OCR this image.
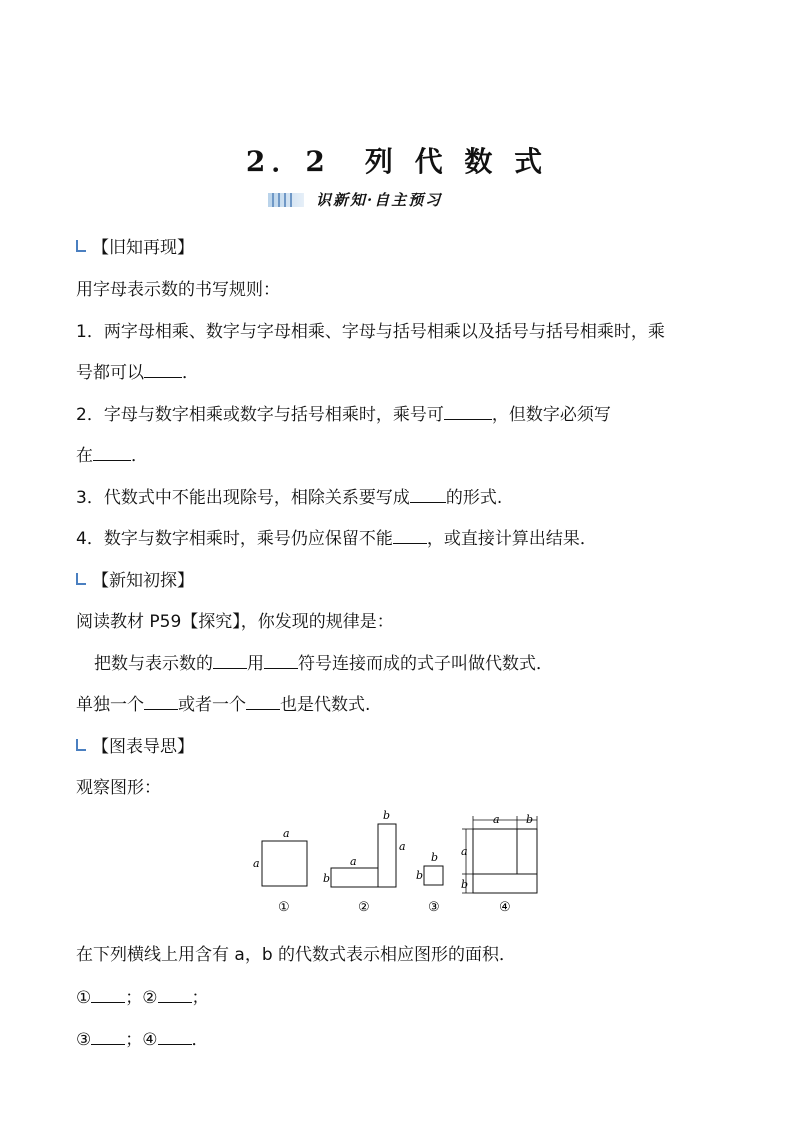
2．2　列 代 数 式
识新知·自主预习
【旧知再现】
用字母表示数的书写规则：
1．两字母相乘、数字与字母相乘、字母与括号相乘以及括号与括号相乘时，乘
号都可以 ．
2．字母与数字相乘或数字与括号相乘时，乘号可	，但数字必须写
在 ．
3．代数式中不能出现除号，相除关系要写成 的形式.
4．数字与数字相乘时，乘号仍应保留不能 ，或直接计算出结果．
【新知初探】
阅读教材 P59【探究】，你发现的规律是：
把数与表示数的 用 符号连接而成的式子叫做代数式．
单独一个 或者一个 也是代数式.
【图表导思】
观察图形：
a
a
①
a
b
b
a
②
b
b
③
a b
a
b
④
在下列横线上用含有 a，b 的代数式表示相应图形的面积．
① ；② ；
③ ；④ ．
